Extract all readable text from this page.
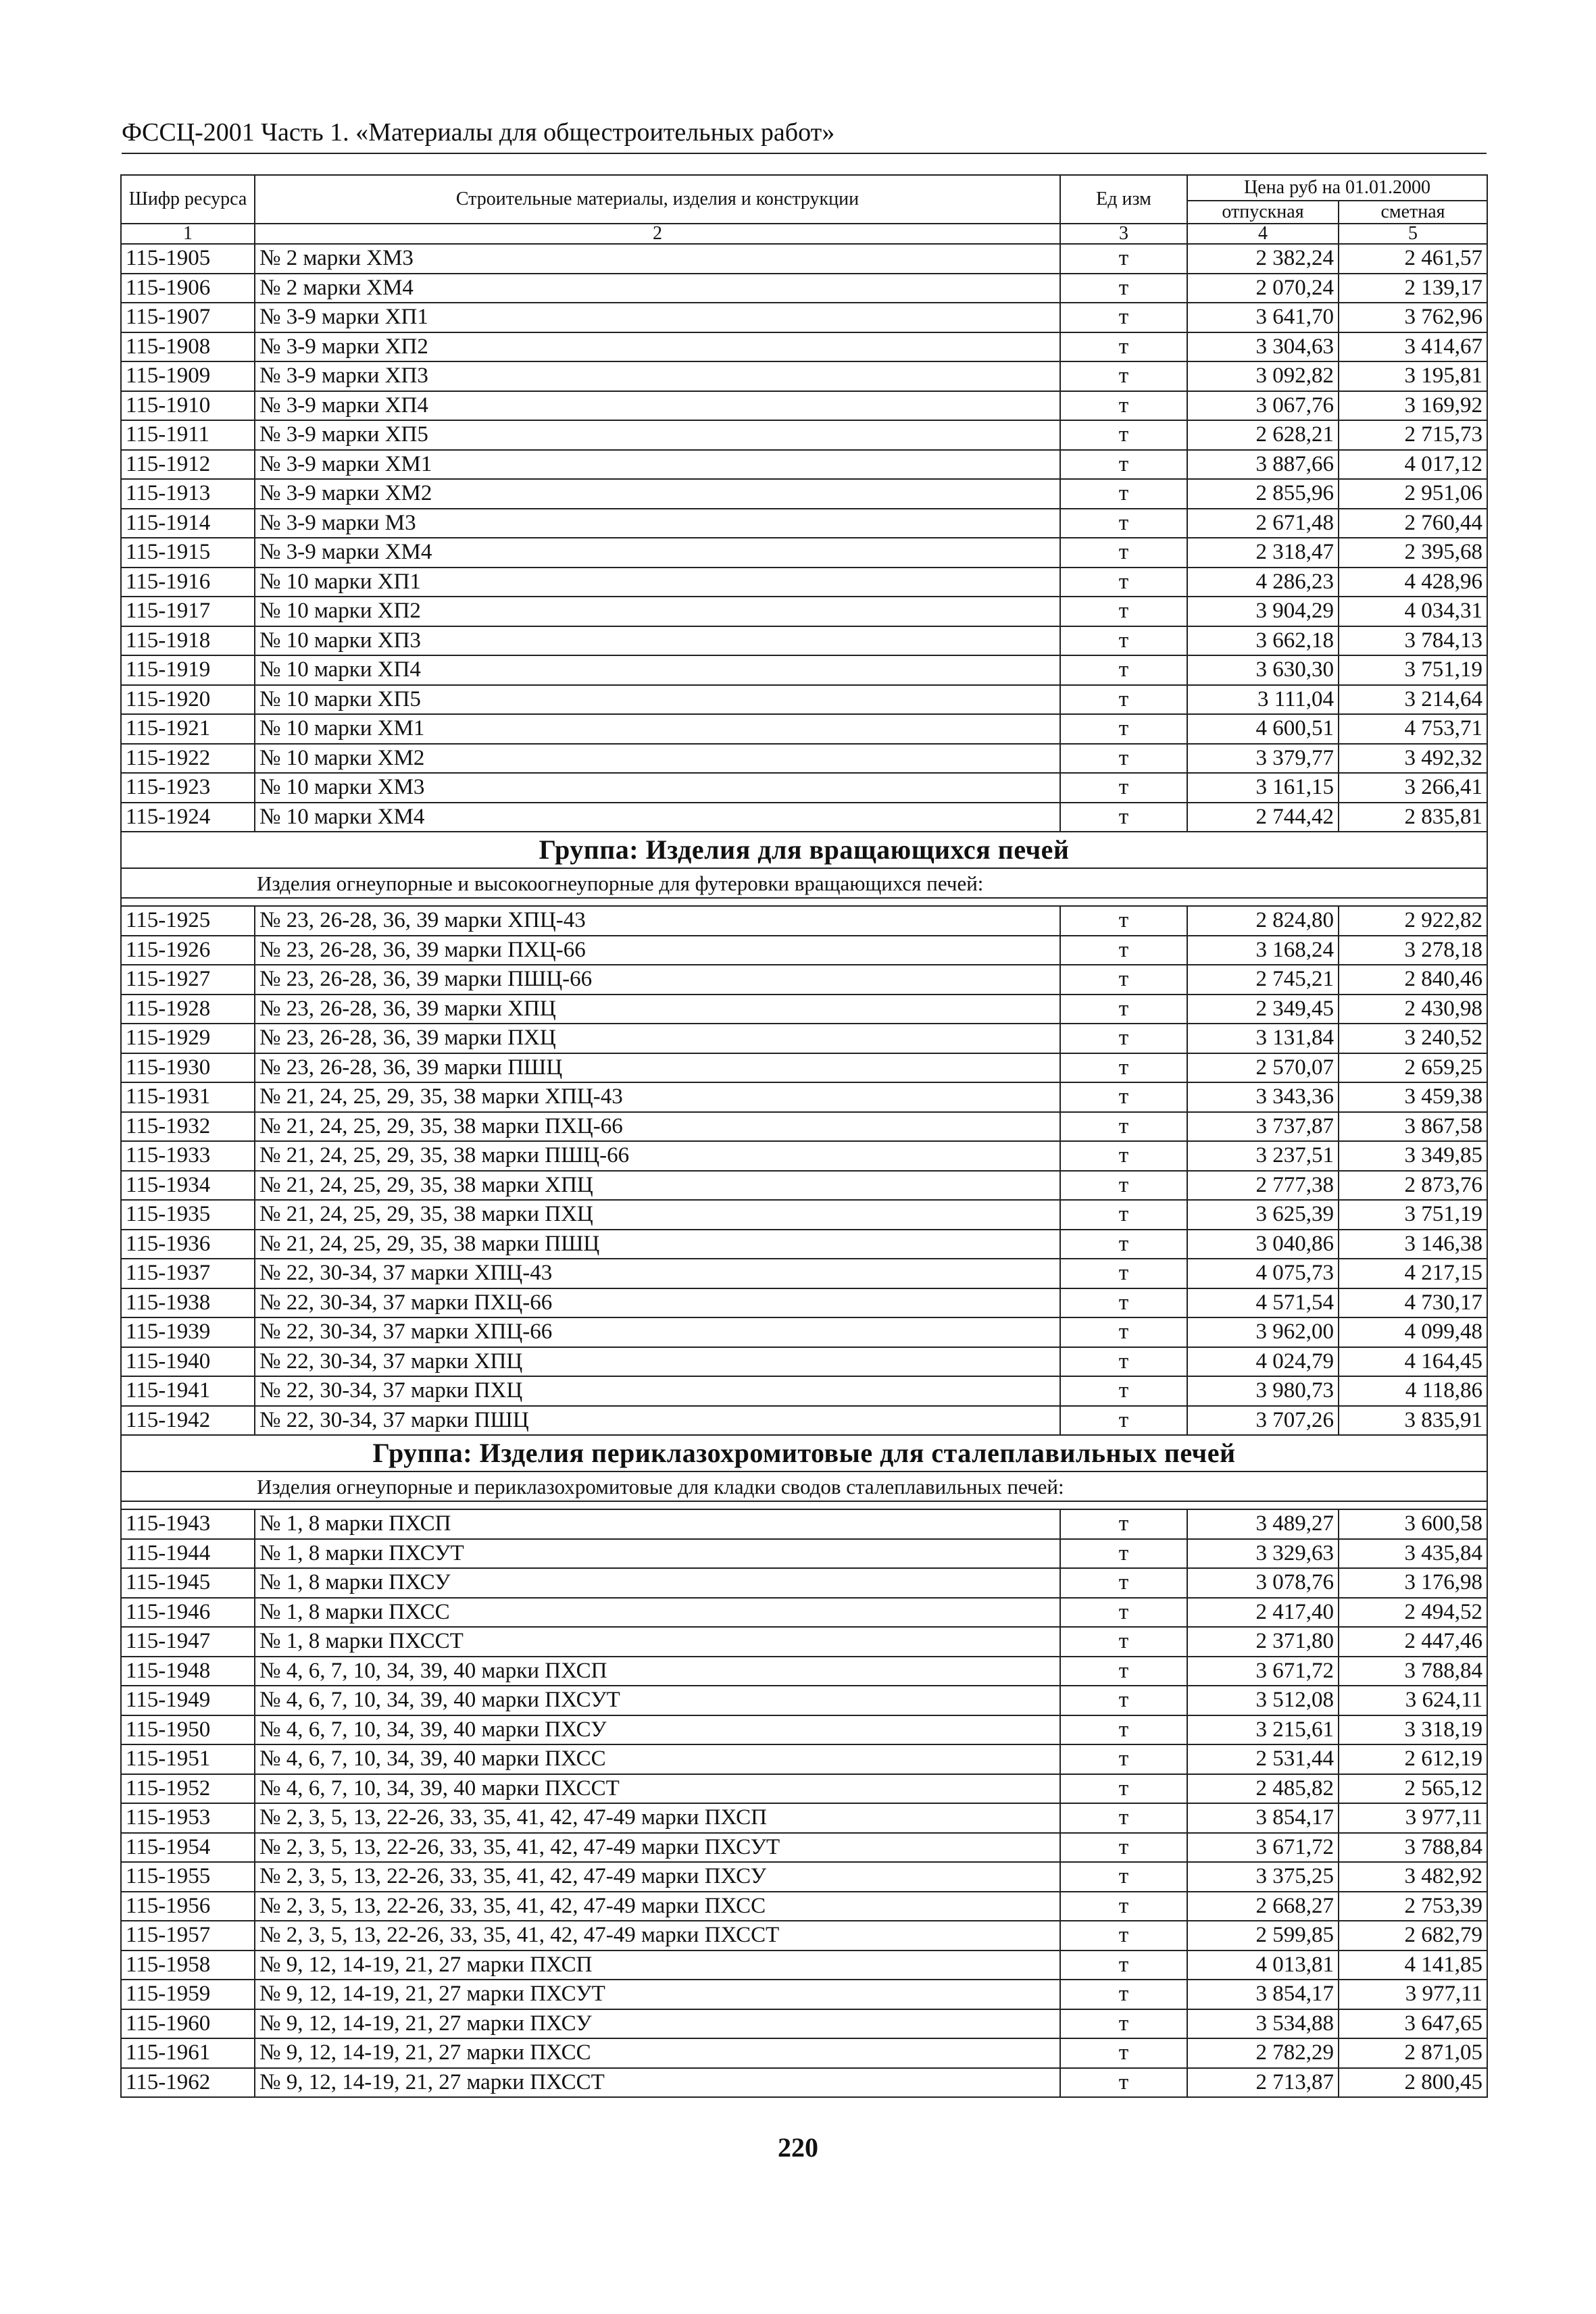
ФССЦ-2001 Часть 1. «Материалы для общестроительных работ»
Шифр ресурса	Строительные материалы, изделия и конструкции	Ед изм	Цена руб на 01.01.2000	
			отпускная	сметная
1	2	3	4	5
115-1905	№ 2 марки ХМ3	т	2 382,24	2 461,57
115-1906	№ 2 марки ХМ4	т	2 070,24	2 139,17
115-1907	№ 3-9 марки ХП1	т	3 641,70	3 762,96
115-1908	№ 3-9 марки ХП2	т	3 304,63	3 414,67
115-1909	№ 3-9 марки ХП3	т	3 092,82	3 195,81
115-1910	№ 3-9 марки ХП4	т	3 067,76	3 169,92
115-1911	№ 3-9 марки ХП5	т	2 628,21	2 715,73
115-1912	№ 3-9 марки ХМ1	т	3 887,66	4 017,12
115-1913	№ 3-9 марки ХМ2	т	2 855,96	2 951,06
115-1914	№ 3-9 марки М3	т	2 671,48	2 760,44
115-1915	№ 3-9 марки ХМ4	т	2 318,47	2 395,68
115-1916	№ 10 марки ХП1	т	4 286,23	4 428,96
115-1917	№ 10 марки ХП2	т	3 904,29	4 034,31
115-1918	№ 10 марки ХП3	т	3 662,18	3 784,13
115-1919	№ 10 марки ХП4	т	3 630,30	3 751,19
115-1920	№ 10 марки ХП5	т	3 111,04	3 214,64
115-1921	№ 10 марки ХМ1	т	4 600,51	4 753,71
115-1922	№ 10 марки ХМ2	т	3 379,77	3 492,32
115-1923	№ 10 марки ХМ3	т	3 161,15	3 266,41
115-1924	№ 10 марки ХМ4	т	2 744,42	2 835,81
Группа: Изделия для вращающихся печей				
Изделия огнеупорные и высокоогнеупорные для футеровки вращающихся печей:				

115-1925	№ 23, 26-28, 36, 39 марки ХПЦ-43	т	2 824,80	2 922,82
115-1926	№ 23, 26-28, 36, 39 марки ПХЦ-66	т	3 168,24	3 278,18
115-1927	№ 23, 26-28, 36, 39 марки ПШЦ-66	т	2 745,21	2 840,46
115-1928	№ 23, 26-28, 36, 39 марки ХПЦ	т	2 349,45	2 430,98
115-1929	№ 23, 26-28, 36, 39 марки ПХЦ	т	3 131,84	3 240,52
115-1930	№ 23, 26-28, 36, 39 марки ПШЦ	т	2 570,07	2 659,25
115-1931	№ 21, 24, 25, 29, 35, 38 марки ХПЦ-43	т	3 343,36	3 459,38
115-1932	№ 21, 24, 25, 29, 35, 38 марки ПХЦ-66	т	3 737,87	3 867,58
115-1933	№ 21, 24, 25, 29, 35, 38 марки ПШЦ-66	т	3 237,51	3 349,85
115-1934	№ 21, 24, 25, 29, 35, 38 марки ХПЦ	т	2 777,38	2 873,76
115-1935	№ 21, 24, 25, 29, 35, 38 марки ПХЦ	т	3 625,39	3 751,19
115-1936	№ 21, 24, 25, 29, 35, 38 марки ПШЦ	т	3 040,86	3 146,38
115-1937	№ 22, 30-34, 37 марки ХПЦ-43	т	4 075,73	4 217,15
115-1938	№ 22, 30-34, 37 марки ПХЦ-66	т	4 571,54	4 730,17
115-1939	№ 22, 30-34, 37 марки ХПЦ-66	т	3 962,00	4 099,48
115-1940	№ 22, 30-34, 37 марки ХПЦ	т	4 024,79	4 164,45
115-1941	№ 22, 30-34, 37 марки ПХЦ	т	3 980,73	4 118,86
115-1942	№ 22, 30-34, 37 марки ПШЦ	т	3 707,26	3 835,91
Группа: Изделия периклазохромитовые для сталеплавильных печей				
Изделия огнеупорные и периклазохромитовые для кладки сводов сталеплавильных печей:				

115-1943	№ 1, 8 марки ПХСП	т	3 489,27	3 600,58
115-1944	№ 1, 8 марки ПХСУТ	т	3 329,63	3 435,84
115-1945	№ 1, 8 марки ПХСУ	т	3 078,76	3 176,98
115-1946	№ 1, 8 марки ПХСС	т	2 417,40	2 494,52
115-1947	№ 1, 8 марки ПХССТ	т	2 371,80	2 447,46
115-1948	№ 4, 6, 7, 10, 34, 39, 40 марки ПХСП	т	3 671,72	3 788,84
115-1949	№ 4, 6, 7, 10, 34, 39, 40 марки ПХСУТ	т	3 512,08	3 624,11
115-1950	№ 4, 6, 7, 10, 34, 39, 40 марки ПХСУ	т	3 215,61	3 318,19
115-1951	№ 4, 6, 7, 10, 34, 39, 40 марки ПХСС	т	2 531,44	2 612,19
115-1952	№ 4, 6, 7, 10, 34, 39, 40 марки ПХССТ	т	2 485,82	2 565,12
115-1953	№ 2, 3, 5, 13, 22-26, 33, 35, 41, 42, 47-49 марки ПХСП	т	3 854,17	3 977,11
115-1954	№ 2, 3, 5, 13, 22-26, 33, 35, 41, 42, 47-49 марки ПХСУТ	т	3 671,72	3 788,84
115-1955	№ 2, 3, 5, 13, 22-26, 33, 35, 41, 42, 47-49 марки ПХСУ	т	3 375,25	3 482,92
115-1956	№ 2, 3, 5, 13, 22-26, 33, 35, 41, 42, 47-49 марки ПХСС	т	2 668,27	2 753,39
115-1957	№ 2, 3, 5, 13, 22-26, 33, 35, 41, 42, 47-49 марки ПХССТ	т	2 599,85	2 682,79
115-1958	№ 9, 12, 14-19, 21, 27 марки ПХСП	т	4 013,81	4 141,85
115-1959	№ 9, 12, 14-19, 21, 27 марки ПХСУТ	т	3 854,17	3 977,11
115-1960	№ 9, 12, 14-19, 21, 27 марки ПХСУ	т	3 534,88	3 647,65
115-1961	№ 9, 12, 14-19, 21, 27 марки ПХСС	т	2 782,29	2 871,05
115-1962	№ 9, 12, 14-19, 21, 27 марки ПХССТ	т	2 713,87	2 800,45
220
